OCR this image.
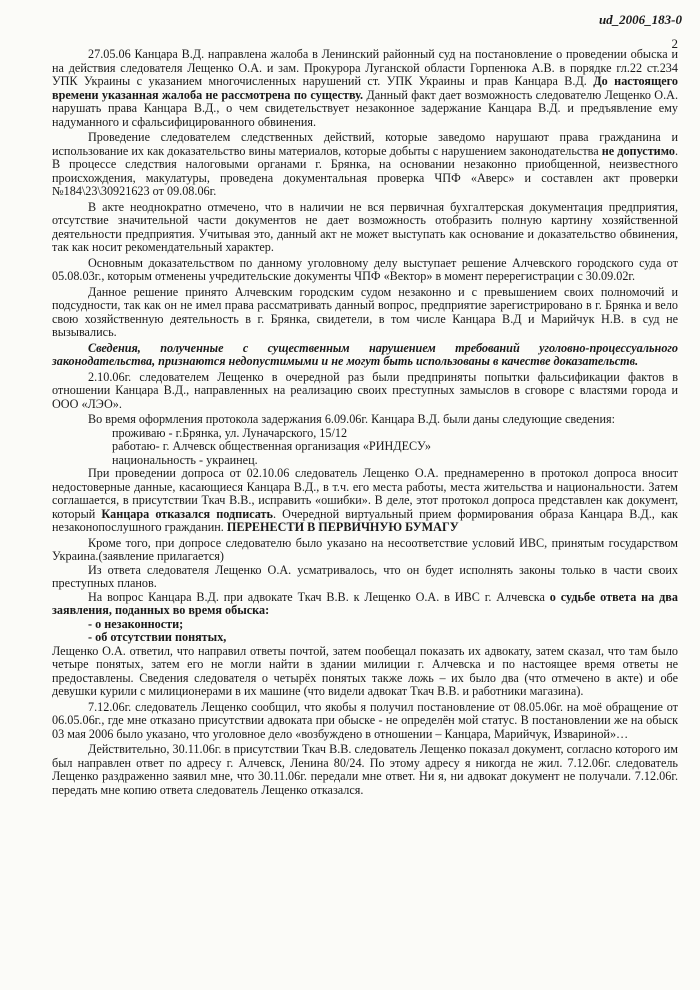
ud_2006_183-0
2

27.05.06 Канцара В.Д. направлена жалоба в Ленинский районный суд на постановление о проведении обыска и на действия следователя Лещенко О.А. и зам. Прокурора Луганской области Горпенюка А.В. в порядке гл.22 ст.234 УПК Украины с указанием многочисленных нарушений ст. УПК Украины и прав Канцара В.Д. До настоящего времени указанная жалоба не рассмотрена по существу. Данный факт дает возможность следователю Лещенко О.А. нарушать права Канцара В.Д., о чем свидетельствует незаконное задержание Канцара В.Д. и предъявление ему надуманного и сфальсифицированного обвинения.

Проведение следователем следственных действий, которые заведомо нарушают права гражданина и использование их как доказательство вины материалов, которые добыты с нарушением законодательства не допустимо. В процессе следствия налоговыми органами г. Брянка, на основании незаконно приобщенной, неизвестного происхождения, макулатуры, проведена документальная проверка ЧПФ «Аверс» и составлен акт проверки №184\23\30921623 от 09.08.06г.

В акте неоднократно отмечено, что в наличии не вся первичная бухгалтерская документация предприятия, отсутствие значительной части документов не дает возможность отобразить полную картину хозяйственной деятельности предприятия. Учитывая это, данный акт не может выступать как основание и доказательство обвинения, так как носит рекомендательный характер.

Основным доказательством по данному уголовному делу выступает решение Алчевского городского суда от 05.08.03г., которым отменены учредительские документы ЧПФ «Вектор» в момент перерегистрации с 30.09.02г.

Данное решение принято Алчевским городским судом незаконно и с превышением своих полномочий и подсудности, так как он не имел права рассматривать данный вопрос, предприятие зарегистрировано в г. Брянка и вело свою хозяйственную деятельность в г. Брянка, свидетели, в том числе Канцара В.Д и Марийчук Н.В. в суд не вызывались.

Сведения, полученные с существенным нарушением требований уголовно-процессуального законодательства, признаются недопустимыми и не могут быть использованы в качестве доказательств.

2.10.06г. следователем Лещенко в очередной раз были предприняты попытки фальсификации фактов в отношении Канцара В.Д., направленных на реализацию своих преступных замыслов в сговоре с властями города и ООО «ЛЭО».

Во время оформления протокола задержания 6.09.06г. Канцара В.Д. были даны следующие сведения:

проживаю - г.Брянка, ул. Луначарского, 15/12

работаю- г. Алчевск общественная организация «РИНДЕСУ»

национальность - украинец.

При проведении допроса от 02.10.06 следователь Лещенко О.А. преднамеренно в протокол допроса вносит недостоверные данные, касающиеся Канцара В.Д., в т.ч. его места работы, места жительства и национальности. Затем соглашается, в присутствии Ткач В.В., исправить «ошибки». В деле, этот протокол допроса представлен как документ, который Канцара отказался подписать. Очередной виртуальный прием формирования образа Канцара В.Д., как незаконопослушного гражданин. ПЕРЕНЕСТИ В ПЕРВИЧНУЮ БУМАГУ

Кроме того, при допросе следователю было указано на несоответствие условий ИВС, принятым государством Украина.(заявление прилагается)

Из ответа следователя Лещенко О.А. усматривалось, что он будет исполнять законы только в части своих преступных планов.

На вопрос Канцара В.Д. при адвокате Ткач В.В. к Лещенко О.А. в ИВС г. Алчевска о судьбе ответа на два заявления, поданных во время обыска:

- о незаконности;

- об отсутствии понятых,

Лещенко О.А. ответил, что направил ответы почтой, затем пообещал показать их адвокату, затем сказал, что там было четыре понятых, затем его не могли найти в здании милиции г. Алчевска и по настоящее время ответы не предоставлены. Сведения следователя о четырёх понятых также ложь – их было два (что отмечено в акте) и обе девушки курили с милиционерами в их машине (что видели адвокат Ткач В.В. и работники магазина).

7.12.06г. следователь Лещенко сообщил, что якобы я получил постановление от 08.05.06г. на моё обращение от 06.05.06г., где мне отказано присутствии адвоката при обыске - не определён мой статус. В постановлении же на обыск 03 мая 2006 было указано, что уголовное дело «возбуждено в отношении – Канцара, Марийчук, Извариной»…

Действительно, 30.11.06г. в присутствии Ткач В.В. следователь Лещенко показал документ, согласно которого им был направлен ответ по адресу г. Алчевск, Ленина 80/24. По этому адресу я никогда не жил. 7.12.06г. следователь Лещенко раздраженно заявил мне, что 30.11.06г. передали мне ответ. Ни я, ни адвокат документ не получали. 7.12.06г. передать мне копию ответа следователь Лещенко отказался.
